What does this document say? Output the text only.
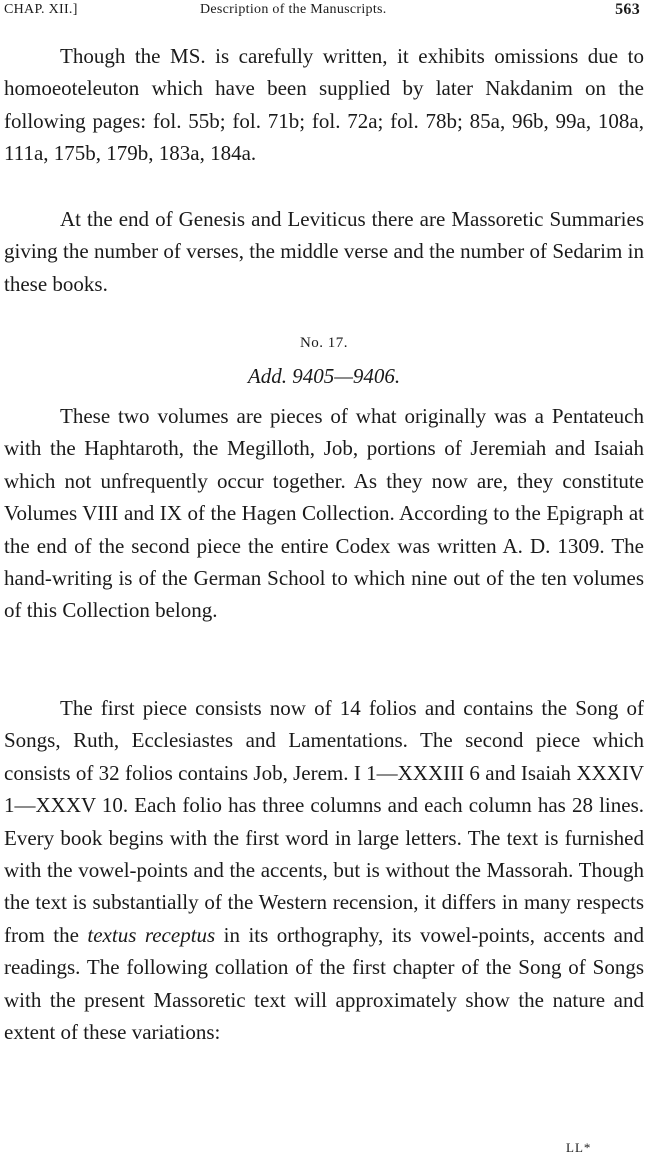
CHAP. XII.]	Description of the Manuscripts.	563

Though the MS. is carefully written, it exhibits omissions due to homoeoteleuton which have been supplied by later Nakdanim on the following pages: fol. 55b; fol. 71b; fol. 72a; fol. 78b; 85a, 96b, 99a, 108a, 111a, 175b, 179b, 183a, 184a.

At the end of Genesis and Leviticus there are Massoretic Summaries giving the number of verses, the middle verse and the number of Sedarim in these books.

No. 17.
Add. 9405—9406.

These two volumes are pieces of what originally was a Pentateuch with the Haphtaroth, the Megilloth, Job, portions of Jeremiah and Isaiah which not unfrequently occur together. As they now are, they constitute Volumes VIII and IX of the Hagen Collection. According to the Epigraph at the end of the second piece the entire Codex was written A. D. 1309. The hand-writing is of the German School to which nine out of the ten volumes of this Collection belong.

The first piece consists now of 14 folios and contains the Song of Songs, Ruth, Ecclesiastes and Lamentations. The second piece which consists of 32 folios contains Job, Jerem. I 1—XXXIII 6 and Isaiah XXXIV 1—XXXV 10. Each folio has three columns and each column has 28 lines. Every book begins with the first word in large letters. The text is furnished with the vowel-points and the accents, but is without the Massorah. Though the text is substantially of the Western recension, it differs in many respects from the textus receptus in its orthography, its vowel-points, accents and readings. The following collation of the first chapter of the Song of Songs with the present Massoretic text will approximately show the nature and extent of these variations:

LL*
